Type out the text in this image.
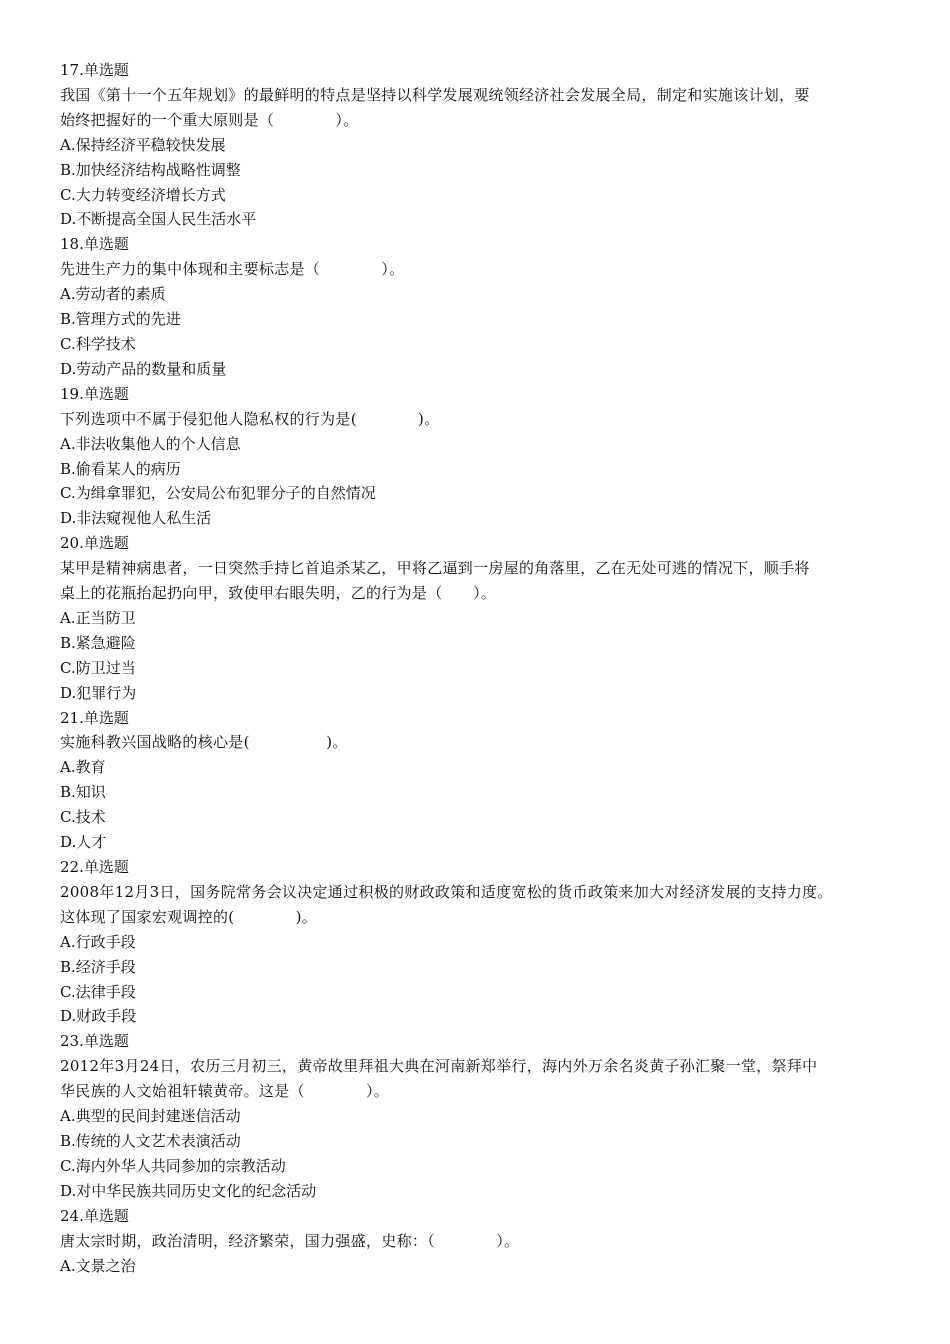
17.单选题
我国《第十一个五年规划》的最鲜明的特点是坚持以科学发展观统领经济社会发展全局，制定和实施该计划，要
始终把握好的一个重大原则是（　　　　）。
A.保持经济平稳较快发展
B.加快经济结构战略性调整
C.大力转变经济增长方式
D.不断提高全国人民生活水平
18.单选题
先进生产力的集中体现和主要标志是（　　　　）。
A.劳动者的素质
B.管理方式的先进
C.科学技术
D.劳动产品的数量和质量
19.单选题
下列选项中不属于侵犯他人隐私权的行为是(　　　　)。
A.非法收集他人的个人信息
B.偷看某人的病历
C.为缉拿罪犯，公安局公布犯罪分子的自然情况
D.非法窥视他人私生活
20.单选题
某甲是精神病患者，一日突然手持匕首追杀某乙，甲将乙逼到一房屋的角落里，乙在无处可逃的情况下，顺手将
桌上的花瓶抬起扔向甲，致使甲右眼失明，乙的行为是（　　）。
A.正当防卫
B.紧急避险
C.防卫过当
D.犯罪行为
21.单选题
实施科教兴国战略的核心是(　　　　　)。
A.教育
B.知识
C.技术
D.人才
22.单选题
2008年12月3日，国务院常务会议决定通过积极的财政政策和适度宽松的货币政策来加大对经济发展的支持力度。
这体现了国家宏观调控的(　　　　)。
A.行政手段
B.经济手段
C.法律手段
D.财政手段
23.单选题
2012年3月24日，农历三月初三，黄帝故里拜祖大典在河南新郑举行，海内外万余名炎黄子孙汇聚一堂，祭拜中
华民族的人文始祖轩辕黄帝。这是（　　　　）。
A.典型的民间封建迷信活动
B.传统的人文艺术表演活动
C.海内外华人共同参加的宗教活动
D.对中华民族共同历史文化的纪念活动
24.单选题
唐太宗时期，政治清明，经济繁荣，国力强盛，史称：（　　　　）。
A.文景之治
